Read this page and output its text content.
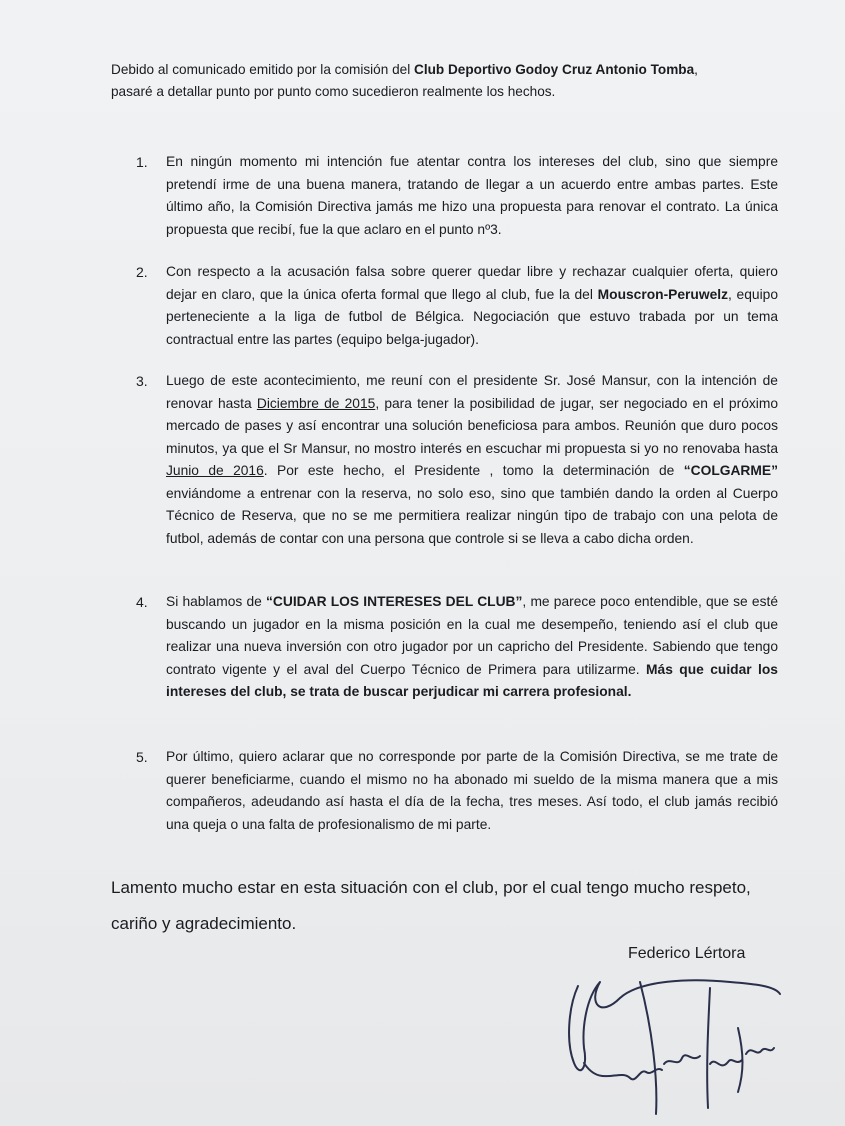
Debido al comunicado emitido por la comisión del Club Deportivo Godoy Cruz Antonio Tomba,
pasaré a detallar punto por punto como sucedieron realmente los hechos.
1. En ningún momento mi intención fue atentar contra los intereses del club, sino que siempre pretendí irme de una buena manera, tratando de llegar a un acuerdo entre ambas partes. Este último año, la Comisión Directiva jamás me hizo una propuesta para renovar el contrato. La única propuesta que recibí, fue la que aclaro en el punto nº3.
2. Con respecto a la acusación falsa sobre querer quedar libre y rechazar cualquier oferta, quiero dejar en claro, que la única oferta formal que llego al club, fue la del Mouscron-Peruwelz, equipo perteneciente a la liga de futbol de Bélgica. Negociación que estuvo trabada por un tema contractual entre las partes (equipo belga-jugador).
3. Luego de este acontecimiento, me reuní con el presidente Sr. José Mansur, con la intención de renovar hasta Diciembre de 2015, para tener la posibilidad de jugar, ser negociado en el próximo mercado de pases y así encontrar una solución beneficiosa para ambos. Reunión que duro pocos minutos, ya que el Sr Mansur, no mostro interés en escuchar mi propuesta si yo no renovaba hasta Junio de 2016. Por este hecho, el Presidente , tomo la determinación de “COLGARME” enviándome a entrenar con la reserva, no solo eso, sino que también dando la orden al Cuerpo Técnico de Reserva, que no se me permitiera realizar ningún tipo de trabajo con una pelota de futbol, además de contar con una persona que controle si se lleva a cabo dicha orden.
4. Si hablamos de “CUIDAR LOS INTERESES DEL CLUB”, me parece poco entendible, que se esté buscando un jugador en la misma posición en la cual me desempeño, teniendo así el club que realizar una nueva inversión con otro jugador por un capricho del Presidente. Sabiendo que tengo contrato vigente y el aval del Cuerpo Técnico de Primera para utilizarme. Más que cuidar los intereses del club, se trata de buscar perjudicar mi carrera profesional.
5. Por último, quiero aclarar que no corresponde por parte de la Comisión Directiva, se me trate de querer beneficiarme, cuando el mismo no ha abonado mi sueldo de la misma manera que a mis compañeros, adeudando así hasta el día de la fecha, tres meses. Así todo, el club jamás recibió una queja o una falta de profesionalismo de mi parte.
Lamento mucho estar en esta situación con el club, por el cual tengo mucho respeto, cariño y agradecimiento.
Federico Lértora
